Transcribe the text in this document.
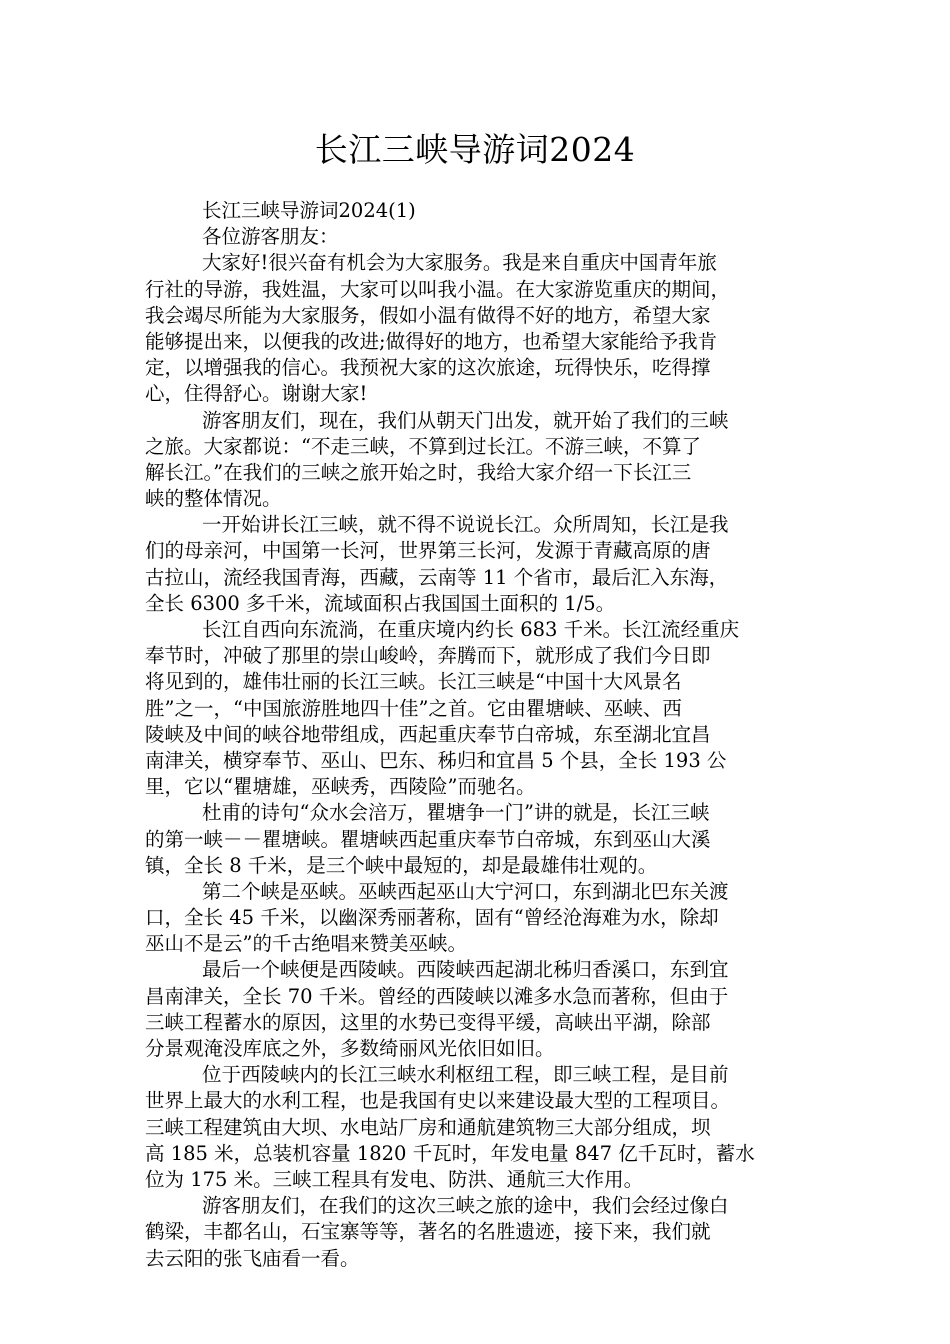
长江三峡导游词2024
长江三峡导游词2024(1)
各位游客朋友：
大家好!很兴奋有机会为大家服务。我是来自重庆中国青年旅
行社的导游，我姓温，大家可以叫我小温。在大家游览重庆的期间，
我会竭尽所能为大家服务，假如小温有做得不好的地方，希望大家
能够提出来，以便我的改进;做得好的地方，也希望大家能给予我肯
定，以增强我的信心。我预祝大家的这次旅途，玩得快乐，吃得撑
心，住得舒心。谢谢大家!
游客朋友们，现在，我们从朝天门出发，就开始了我们的三峡
之旅。大家都说：“不走三峡，不算到过长江。不游三峡，不算了
解长江。”在我们的三峡之旅开始之时，我给大家介绍一下长江三
峡的整体情况。
一开始讲长江三峡，就不得不说说长江。众所周知，长江是我
们的母亲河，中国第一长河，世界第三长河，发源于青藏高原的唐
古拉山，流经我国青海，西藏，云南等 11 个省市，最后汇入东海，
全长 6300 多千米，流域面积占我国国土面积的 1/5。
长江自西向东流淌，在重庆境内约长 683 千米。长江流经重庆
奉节时，冲破了那里的崇山峻岭，奔腾而下，就形成了我们今日即
将见到的，雄伟壮丽的长江三峡。长江三峡是“中国十大风景名
胜”之一，“中国旅游胜地四十佳”之首。它由瞿塘峡、巫峡、西
陵峡及中间的峡谷地带组成，西起重庆奉节白帝城，东至湖北宜昌
南津关，横穿奉节、巫山、巴东、秭归和宜昌 5 个县，全长 193 公
里，它以“瞿塘雄，巫峡秀，西陵险”而驰名。
杜甫的诗句“众水会涪万，瞿塘争一门”讲的就是，长江三峡
的第一峡－－瞿塘峡。瞿塘峡西起重庆奉节白帝城，东到巫山大溪
镇，全长 8 千米，是三个峡中最短的，却是最雄伟壮观的。
第二个峡是巫峡。巫峡西起巫山大宁河口，东到湖北巴东关渡
口，全长 45 千米，以幽深秀丽著称，固有“曾经沧海难为水，除却
巫山不是云”的千古绝唱来赞美巫峡。
最后一个峡便是西陵峡。西陵峡西起湖北秭归香溪口，东到宜
昌南津关，全长 70 千米。曾经的西陵峡以滩多水急而著称，但由于
三峡工程蓄水的原因，这里的水势已变得平缓，高峡出平湖，除部
分景观淹没库底之外，多数绮丽风光依旧如旧。
位于西陵峡内的长江三峡水利枢纽工程，即三峡工程，是目前
世界上最大的水利工程，也是我国有史以来建设最大型的工程项目。
三峡工程建筑由大坝、水电站厂房和通航建筑物三大部分组成，坝
高 185 米，总装机容量 1820 千瓦时，年发电量 847 亿千瓦时，蓄水
位为 175 米。三峡工程具有发电、防洪、通航三大作用。
游客朋友们，在我们的这次三峡之旅的途中，我们会经过像白
鹤梁，丰都名山，石宝寨等等，著名的名胜遗迹，接下来，我们就
去云阳的张飞庙看一看。
